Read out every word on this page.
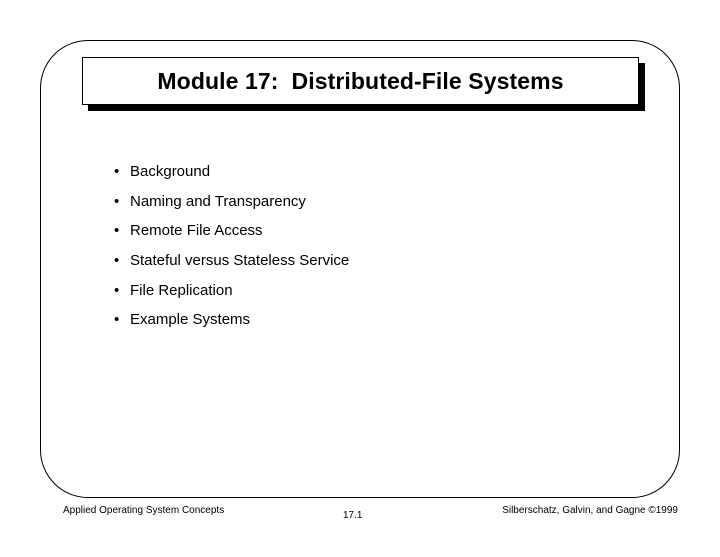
Module 17:  Distributed-File Systems
• Background
• Naming and Transparency
• Remote File Access
• Stateful versus Stateless Service
• File Replication
• Example Systems
Applied Operating System Concepts	17.1	Silberschatz, Galvin, and Gagne ©1999
